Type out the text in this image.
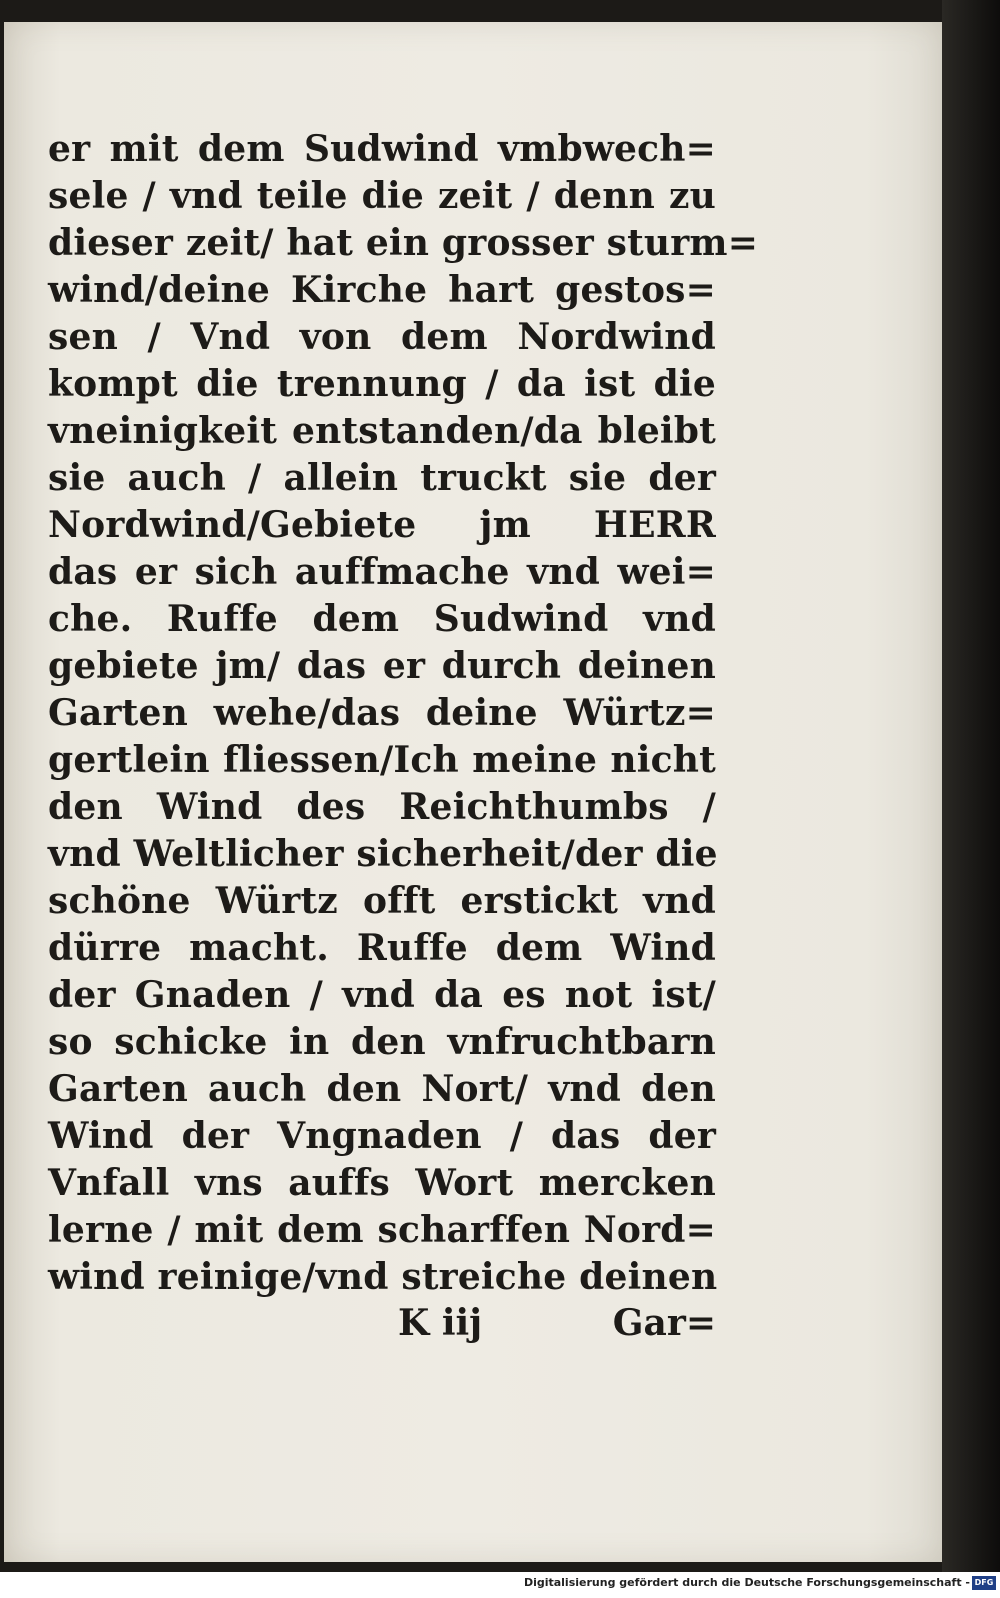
er mit dem Sudwind vmbwech=
sele / vnd teile die zeit / denn zu
dieser zeit/ hat ein grosser sturm=
wind/deine Kirche hart gestos=
sen / Vnd von dem Nordwind
kompt die trennung / da ist die
vneinigkeit entstanden/da bleibt
sie auch / allein truckt sie der
Nordwind/Gebiete jm HERR
das er sich auffmache vnd wei=
che. Ruffe dem Sudwind vnd
gebiete jm/ das er durch deinen
Garten wehe/das deine Würtz=
gertlein fliessen/Ich meine nicht
den Wind des Reichthumbs /
vnd Weltlicher sicherheit/der die
schöne Würtz offt erstickt vnd
dürre macht. Ruffe dem Wind
der Gnaden / vnd da es not ist/
so schicke in den vnfruchtbarn
Garten auch den Nort/ vnd den
Wind der Vngnaden / das der
Vnfall vns auffs Wort mercken
lerne / mit dem scharffen Nord=
wind reinige/vnd streiche deinen
K iij	Gar=
Digitalisierung gefördert durch die Deutsche Forschungsgemeinschaft - DFG
